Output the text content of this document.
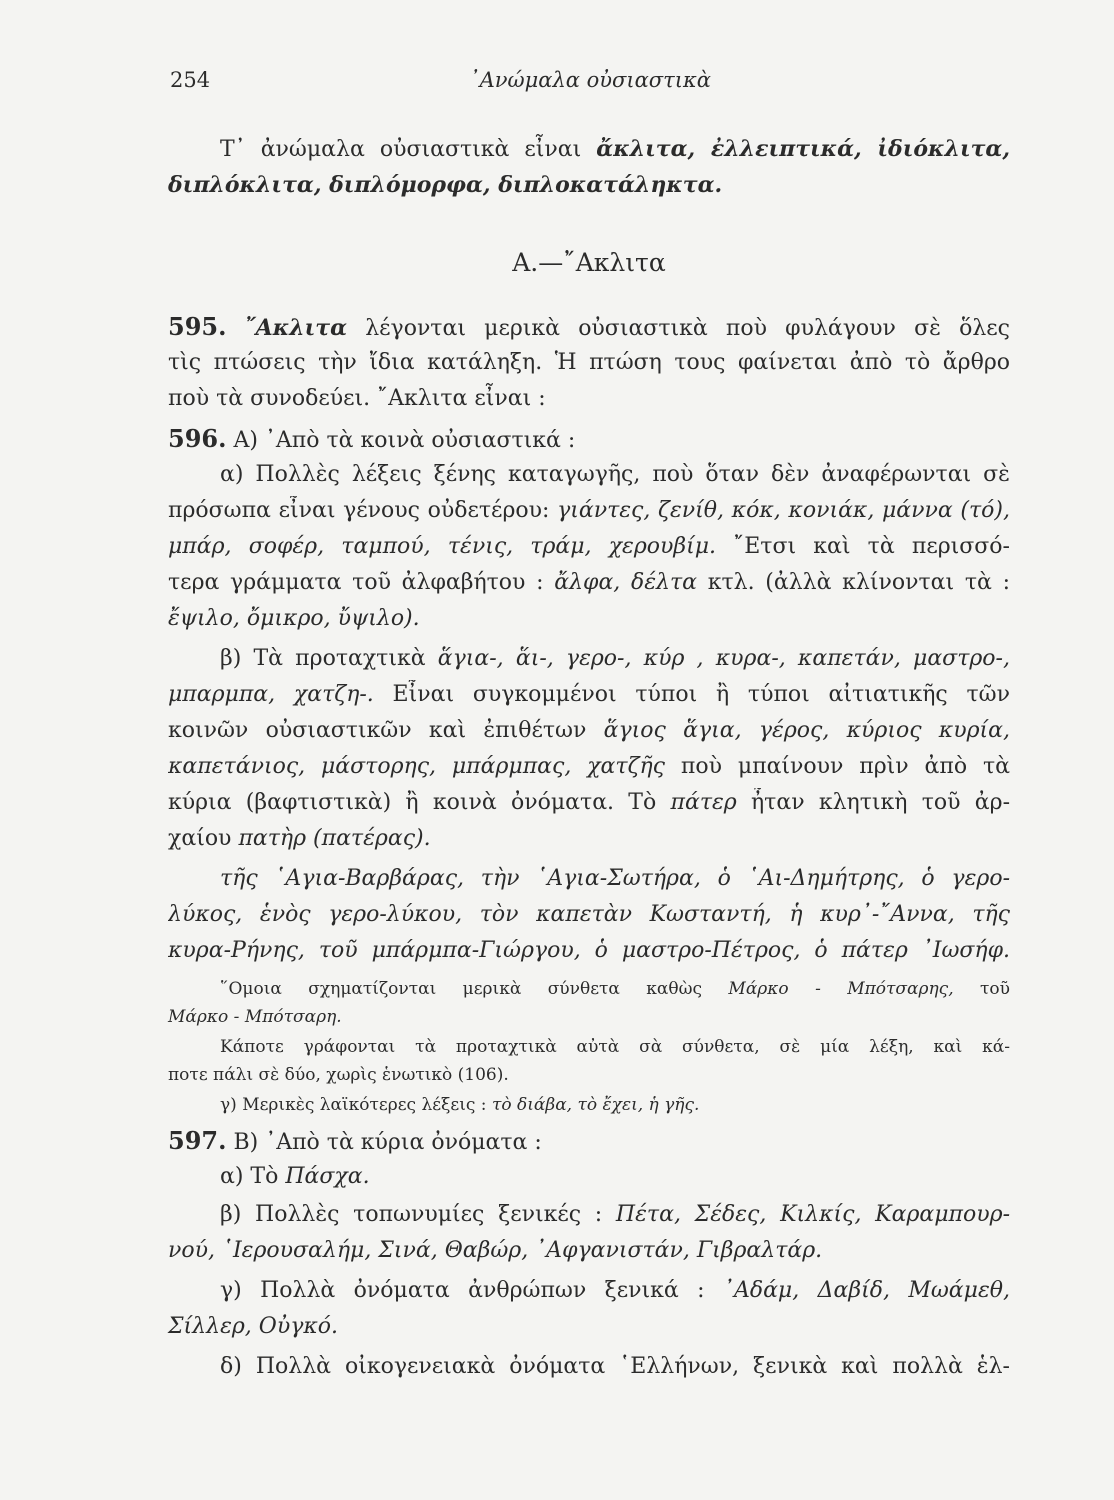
254	᾿Ανώμαλα οὐσιαστικὰ
Τ᾿ ἀνώμαλα οὐσιαστικὰ εἶναι ἄκλιτα, ἐλλειπτικά, ἰδιόκλιτα,
διπλόκλιτα, διπλόμορφα, διπλοκατάληκτα.
Α.—῎Ακλιτα
595. ῎Ακλιτα λέγονται μερικὰ οὐσιαστικὰ ποὺ φυλάγουν σὲ ὅλες
τὶς πτώσεις τὴν ἴδια κατάληξη. Ἡ πτώση τους φαίνεται ἀπὸ τὸ ἄρθρο
ποὺ τὰ συνοδεύει. ῎Ακλιτα εἶναι :
596. Α) ᾿Απὸ τὰ κοινὰ οὐσιαστικά :
α) Πολλὲς λέξεις ξένης καταγωγῆς, ποὺ ὅταν δὲν ἀναφέρωνται σὲ
πρόσωπα εἶναι γένους οὐδετέρου: γιάντες, ζενίθ, κόκ, κονιάκ, μάννα (τό),
μπάρ, σοφέρ, ταμπού, τένις, τράμ, χερουβίμ. ῎Ετσι καὶ τὰ περισσό-
τερα γράμματα τοῦ ἀλφαβήτου : ἄλφα, δέλτα κτλ. (ἀλλὰ κλίνονται τὰ :
ἔψιλο, ὄμικρο, ὔψιλο).
β) Τὰ προταχτικὰ ἅγια-, ἅι-, γερο-, κύρ , κυρα-, καπετάν, μαστρο-,
μπαρμπα, χατζη-. Εἶναι συγκομμένοι τύποι ἢ τύποι αἰτιατικῆς τῶν
κοινῶν οὐσιαστικῶν καὶ ἐπιθέτων ἅγιος ἅγια, γέρος, κύριος κυρία,
καπετάνιος, μάστορης, μπάρμπας, χατζῆς ποὺ μπαίνουν πρὶν ἀπὸ τὰ
κύρια (βαφτιστικὰ) ἢ κοινὰ ὀνόματα. Τὸ πάτερ ἦταν κλητικὴ τοῦ ἀρ-
χαίου πατὴρ (πατέρας).
τῆς ῾Αγια-Βαρβάρας, τὴν ῾Αγια-Σωτήρα, ὁ ῾Αι-Δημήτρης, ὁ γερο-
λύκος, ἑνὸς γερο-λύκου, τὸν καπετὰν Κωσταντή, ἡ κυρ᾿-῎Αννα, τῆς
κυρα-Ρήνης, τοῦ μπάρμπα-Γιώργου, ὁ μαστρο-Πέτρος, ὁ πάτερ ᾿Ιωσήφ.
῞Ομοια σχηματίζονται μερικὰ σύνθετα καθὼς Μάρκο - Μπότσαρης, τοῦ
Μάρκο - Μπότσαρη.
Κάποτε γράφονται τὰ προταχτικὰ αὐτὰ σὰ σύνθετα, σὲ μία λέξη, καὶ κά-
ποτε πάλι σὲ δύο, χωρὶς ἑνωτικὸ (106).
γ) Μερικὲς λαϊκότερες λέξεις : τὸ διάβα, τὸ ἔχει, ἡ γῆς.
597. Β) ᾿Απὸ τὰ κύρια ὀνόματα :
α) Τὸ Πάσχα.
β) Πολλὲς τοπωνυμίες ξενικές : Πέτα, Σέδες, Κιλκίς, Καραμπουρ-
νού, ῾Ιερουσαλήμ, Σινά, Θαβώρ, ᾿Αφγανιστάν, Γιβραλτάρ.
γ) Πολλὰ ὀνόματα ἀνθρώπων ξενικά : ᾿Αδάμ, Δαβίδ, Μωάμεθ,
Σίλλερ, Οὐγκό.
δ) Πολλὰ οἰκογενειακὰ ὀνόματα ῾Ελλήνων, ξενικὰ καὶ πολλὰ ἑλ-
